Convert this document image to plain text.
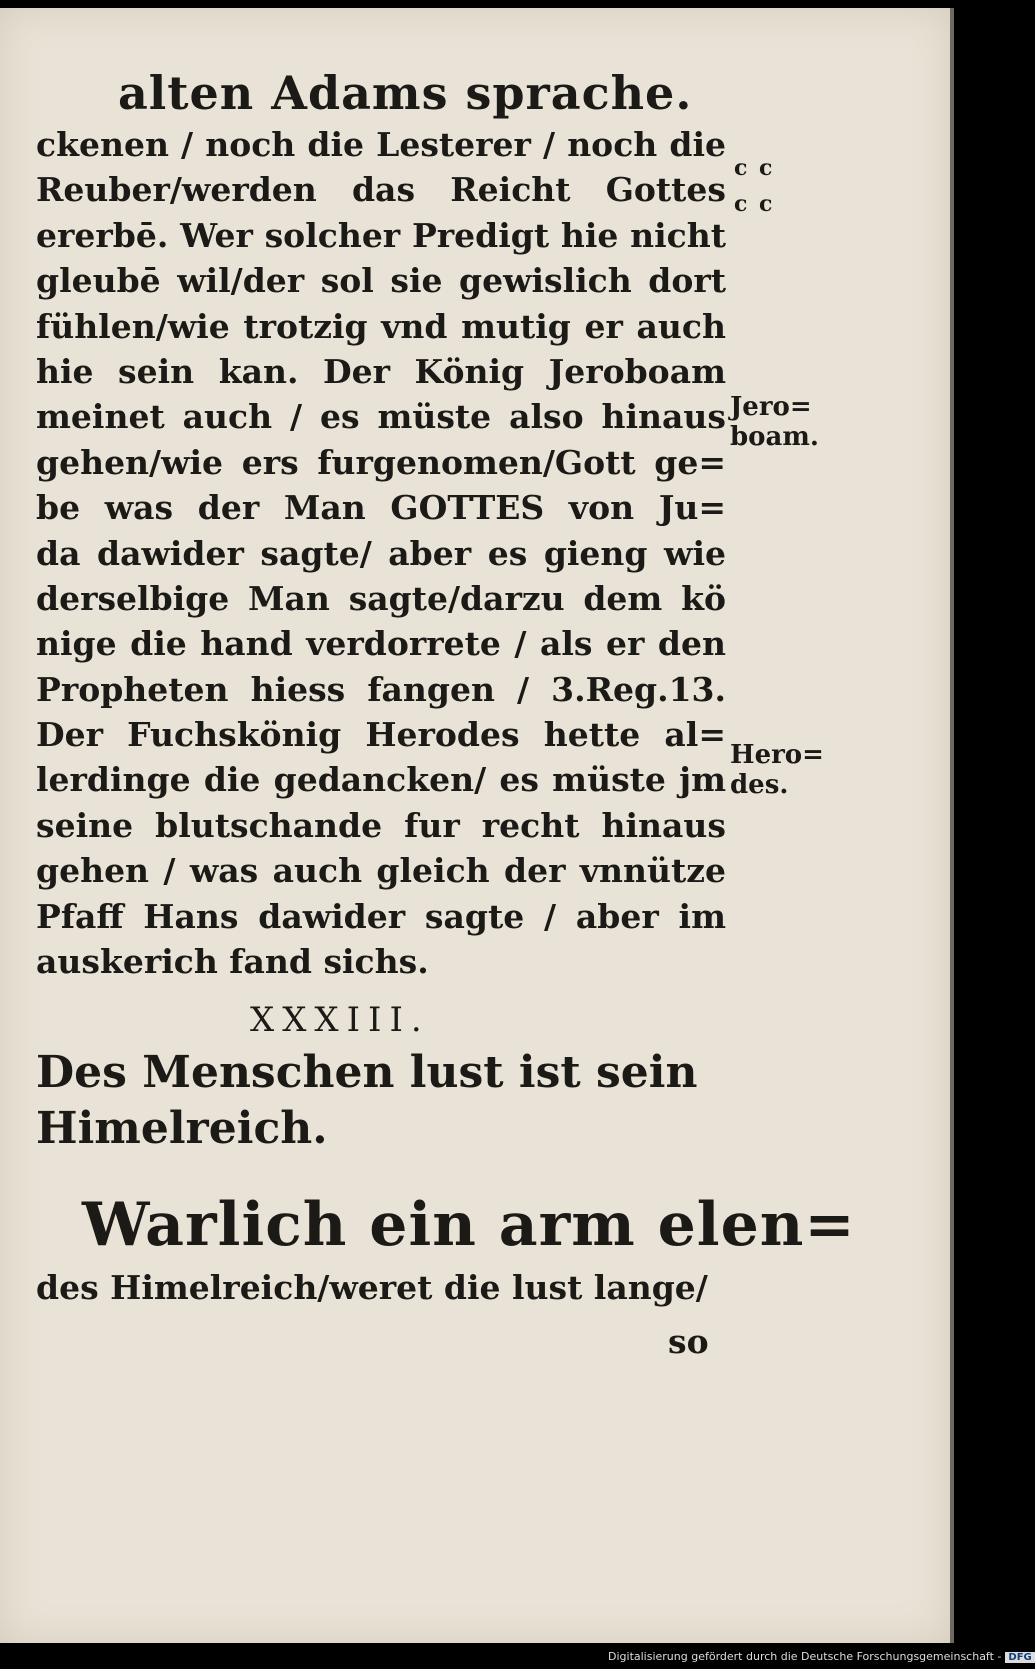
alten Adams sprache.
ckenen / noch die Lesterer / noch die
Reuber/werden das Reicht Gottes
ererbē. Wer solcher Predigt hie nicht
gleubē wil/der sol sie gewislich dort
fühlen/wie trotzig vnd mutig er auch
hie sein kan. Der König Jeroboam
meinet auch / es müste also hinaus
gehen/wie ers furgenomen/Gott ge=
be was der Man GOTTES von Ju=
da dawider sagte/ aber es gieng wie
derselbige Man sagte/darzu dem kö
nige die hand verdorrete / als er den
Propheten hiess fangen / 3.Reg.13.
Der Fuchskönig Herodes hette al=
lerdinge die gedancken/ es müste jm
seine blutschande fur recht hinaus
gehen / was auch gleich der vnnütze
Pfaff Hans dawider sagte / aber im
auskerich fand sichs.
c c
c c
Jero=
boam.
Hero=
des.
XXXIII.
Des Menschen lust ist sein
Himelreich.
Warlich ein arm elen=
des Himelreich/weret die lust lange/
so
Digitalisierung gefördert durch die Deutsche Forschungsgemeinschaft - DFG
